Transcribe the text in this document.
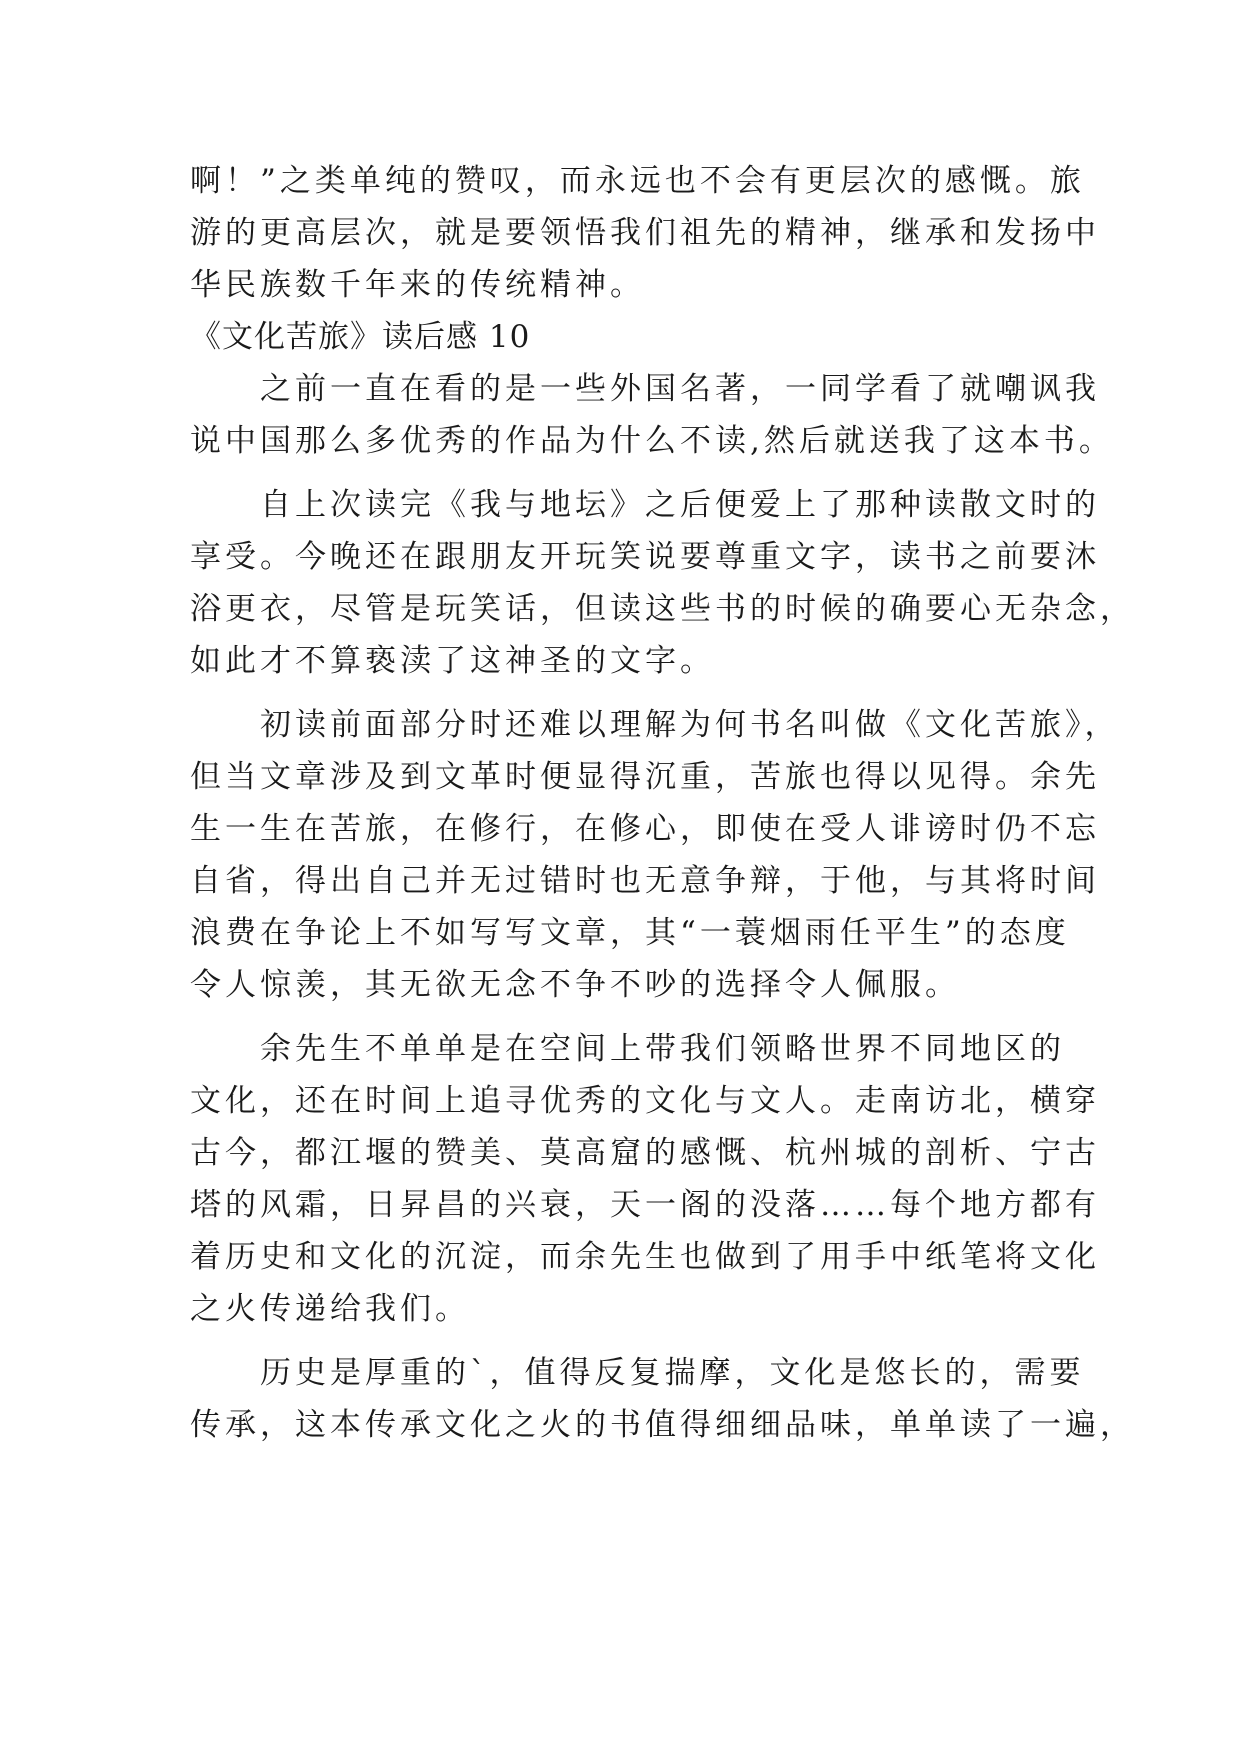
啊！”之类单纯的赞叹，而永远也不会有更层次的感慨。旅
游的更高层次，就是要领悟我们祖先的精神，继承和发扬中
华民族数千年来的传统精神。
《文化苦旅》读后感 10
之前一直在看的是一些外国名著，一同学看了就嘲讽我
说中国那么多优秀的作品为什么不读,然后就送我了这本书。
自上次读完《我与地坛》之后便爱上了那种读散文时的
享受。今晚还在跟朋友开玩笑说要尊重文字，读书之前要沐
浴更衣，尽管是玩笑话，但读这些书的时候的确要心无杂念，
如此才不算亵渎了这神圣的文字。
初读前面部分时还难以理解为何书名叫做《文化苦旅》，
但当文章涉及到文革时便显得沉重，苦旅也得以见得。余先
生一生在苦旅，在修行，在修心，即使在受人诽谤时仍不忘
自省，得出自己并无过错时也无意争辩，于他，与其将时间
浪费在争论上不如写写文章，其“一蓑烟雨任平生”的态度
令人惊羡，其无欲无念不争不吵的选择令人佩服。
余先生不单单是在空间上带我们领略世界不同地区的
文化，还在时间上追寻优秀的文化与文人。走南访北，横穿
古今，都江堰的赞美、莫高窟的感慨、杭州城的剖析、宁古
塔的风霜，日昇昌的兴衰，天一阁的没落……每个地方都有
着历史和文化的沉淀，而余先生也做到了用手中纸笔将文化
之火传递给我们。
历史是厚重的`，值得反复揣摩，文化是悠长的，需要
传承，这本传承文化之火的书值得细细品味，单单读了一遍，
